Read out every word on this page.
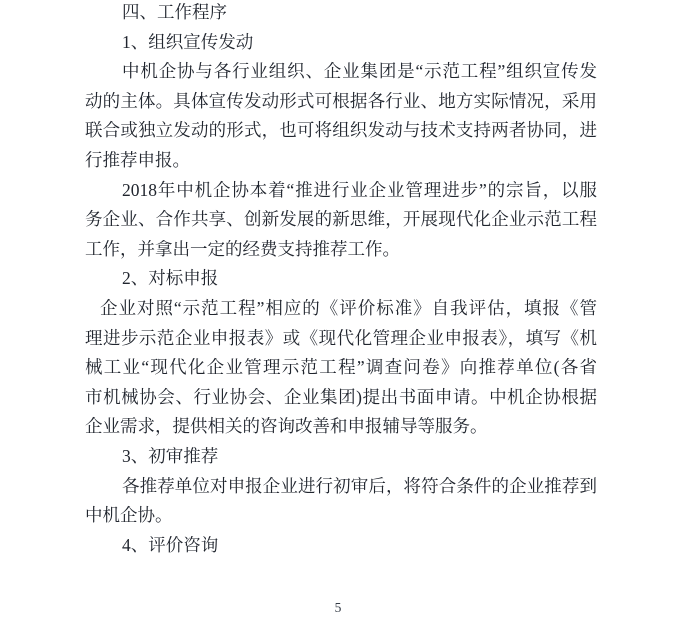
四、工作程序
1、组织宣传发动
中机企协与各行业组织、企业集团是“示范工程”组织宣传发
动的主体。具体宣传发动形式可根据各行业、地方实际情况，采用
联合或独立发动的形式，也可将组织发动与技术支持两者协同，进
行推荐申报。
2018年中机企协本着“推进行业企业管理进步”的宗旨，以服
务企业、合作共享、创新发展的新思维，开展现代化企业示范工程
工作，并拿出一定的经费支持推荐工作。
2、对标申报
企业对照“示范工程”相应的《评价标准》自我评估，填报《管
理进步示范企业申报表》或《现代化管理企业申报表》，填写《机
械工业“现代化企业管理示范工程”调查问卷》向推荐单位(各省
市机械协会、行业协会、企业集团)提出书面申请。中机企协根据
企业需求，提供相关的咨询改善和申报辅导等服务。
3、初审推荐
各推荐单位对申报企业进行初审后，将符合条件的企业推荐到
中机企协。
4、评价咨询
5
